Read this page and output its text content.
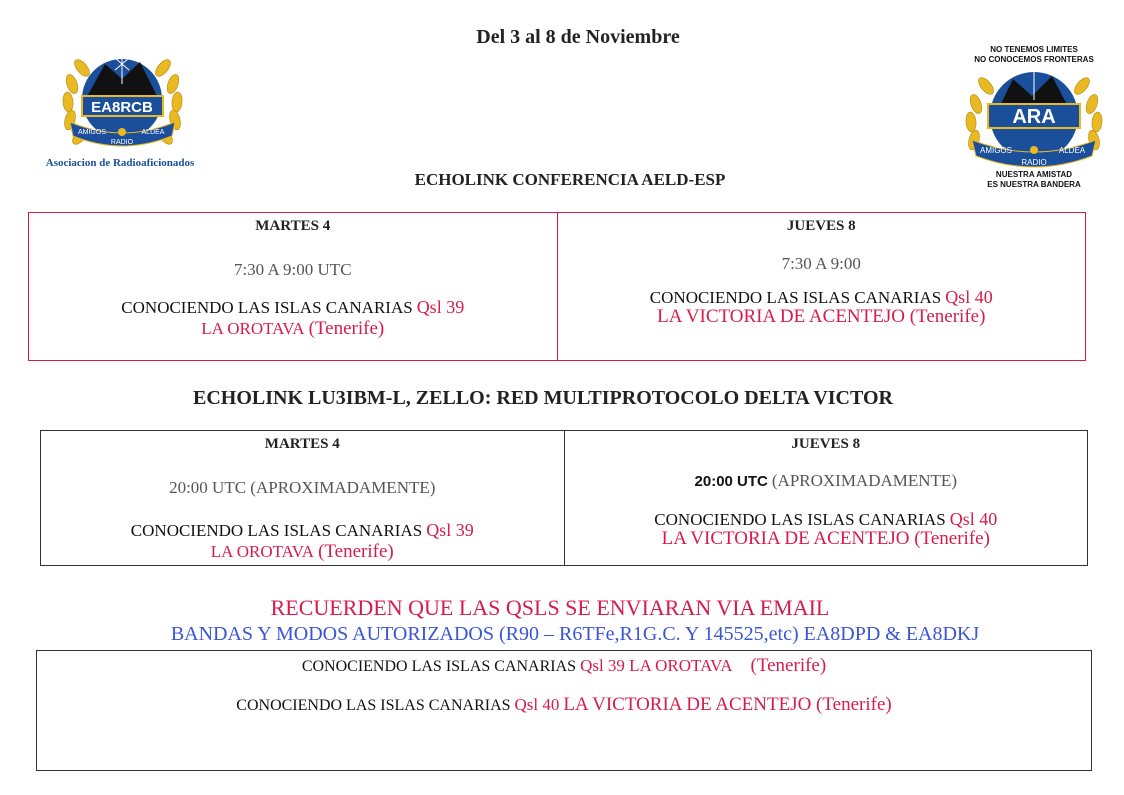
EA8RCB
AMIGOS	ALDEA
RADIO
Asociacion de Radioaficionados
NO TENEMOS LIMITES
NO CONOCEMOS FRONTERAS
ARA
AMIGOS	ALDEA
RADIO
NUESTRA AMISTAD
ES NUESTRA BANDERA
Del 3 al 8 de Noviembre
ECHOLINK CONFERENCIA AELD-ESP
MARTES 4
7:30 A 9:00 UTC
CONOCIENDO LAS ISLAS CANARIAS Qsl 39
LA OROTAVA (Tenerife)
JUEVES 8
7:30 A 9:00
CONOCIENDO LAS ISLAS CANARIAS Qsl 40
LA VICTORIA DE ACENTEJO (Tenerife)
ECHOLINK LU3IBM-L, ZELLO: RED MULTIPROTOCOLO DELTA VICTOR
MARTES 4
20:00 UTC (APROXIMADAMENTE)
CONOCIENDO LAS ISLAS CANARIAS Qsl 39
LA OROTAVA (Tenerife)
JUEVES 8
20:00 UTC (APROXIMADAMENTE)
CONOCIENDO LAS ISLAS CANARIAS Qsl 40
LA VICTORIA DE ACENTEJO (Tenerife)
RECUERDEN QUE LAS QSLS SE ENVIARAN VIA EMAIL
BANDAS Y MODOS AUTORIZADOS (R90 – R6TFe,R1G.C. Y 145525,etc) EA8DPD & EA8DKJ
CONOCIENDO LAS ISLAS CANARIAS Qsl 39 LA OROTAVA (Tenerife)
CONOCIENDO LAS ISLAS CANARIAS Qsl 40 LA VICTORIA DE ACENTEJO (Tenerife)
